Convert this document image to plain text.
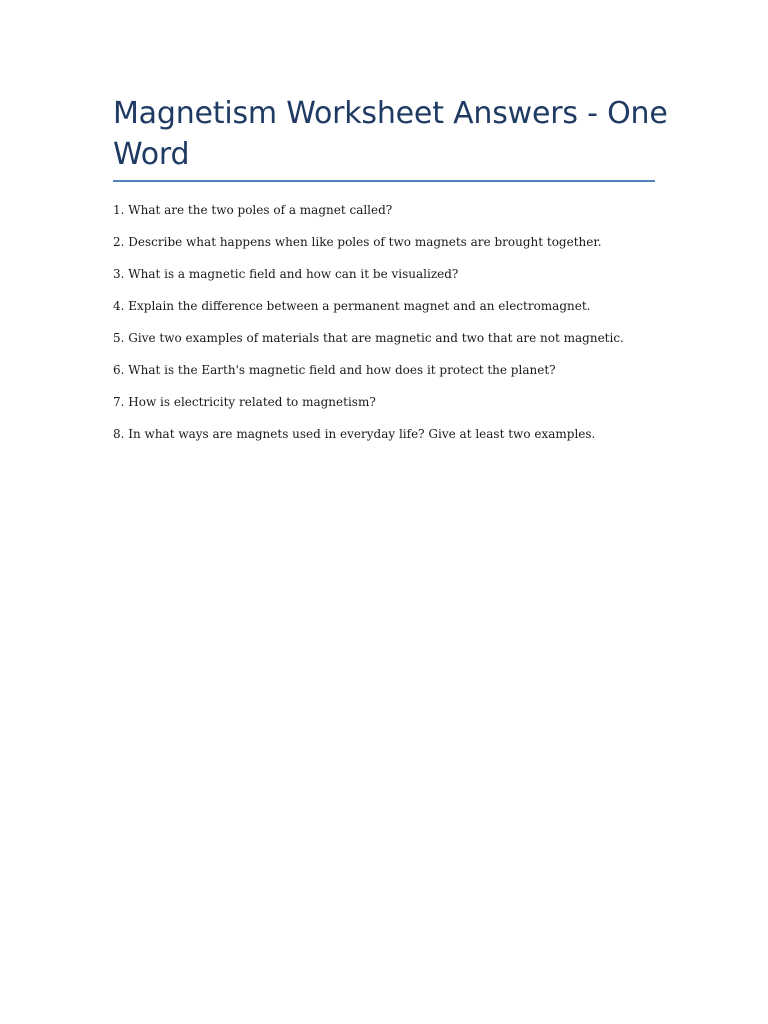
Magnetism Worksheet Answers - One Word
1. What are the two poles of a magnet called?
2. Describe what happens when like poles of two magnets are brought together.
3. What is a magnetic field and how can it be visualized?
4. Explain the difference between a permanent magnet and an electromagnet.
5. Give two examples of materials that are magnetic and two that are not magnetic.
6. What is the Earth's magnetic field and how does it protect the planet?
7. How is electricity related to magnetism?
8. In what ways are magnets used in everyday life? Give at least two examples.
